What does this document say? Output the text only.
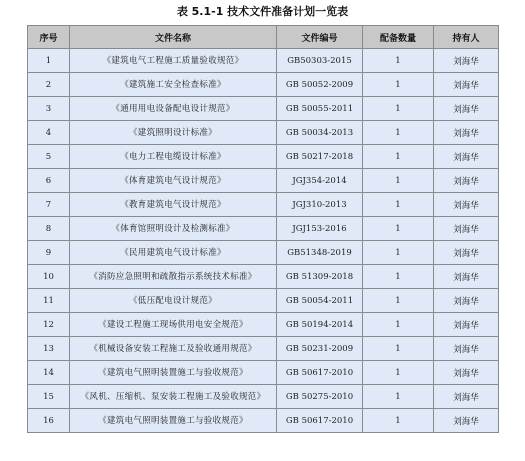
表 5.1-1 技术文件准备计划一览表
序号	文件名称	文件编号	配备数量	持有人
1	《建筑电气工程施工质量验收规范》	GB50303-2015	1	刘海华
2	《建筑施工安全检查标准》	GB 50052-2009	1	刘海华
3	《通用用电设备配电设计规范》	GB 50055-2011	1	刘海华
4	《建筑照明设计标准》	GB 50034-2013	1	刘海华
5	《电力工程电缆设计标准》	GB 50217-2018	1	刘海华
6	《体育建筑电气设计规范》	JGJ354-2014	1	刘海华
7	《教育建筑电气设计规范》	JGJ310-2013	1	刘海华
8	《体育馆照明设计及检测标准》	JGJ153-2016	1	刘海华
9	《民用建筑电气设计标准》	GB51348-2019	1	刘海华
10	《消防应急照明和疏散指示系统技术标准》	GB 51309-2018	1	刘海华
11	《低压配电设计规范》	GB 50054-2011	1	刘海华
12	《建设工程施工现场供用电安全规范》	GB 50194-2014	1	刘海华
13	《机械设备安装工程施工及验收通用规范》	GB 50231-2009	1	刘海华
14	《建筑电气照明装置施工与验收规范》	GB 50617-2010	1	刘海华
15	《风机、压缩机、泵安装工程施工及验收规范》	GB 50275-2010	1	刘海华
16	《建筑电气照明装置施工与验收规范》	GB 50617-2010	1	刘海华
